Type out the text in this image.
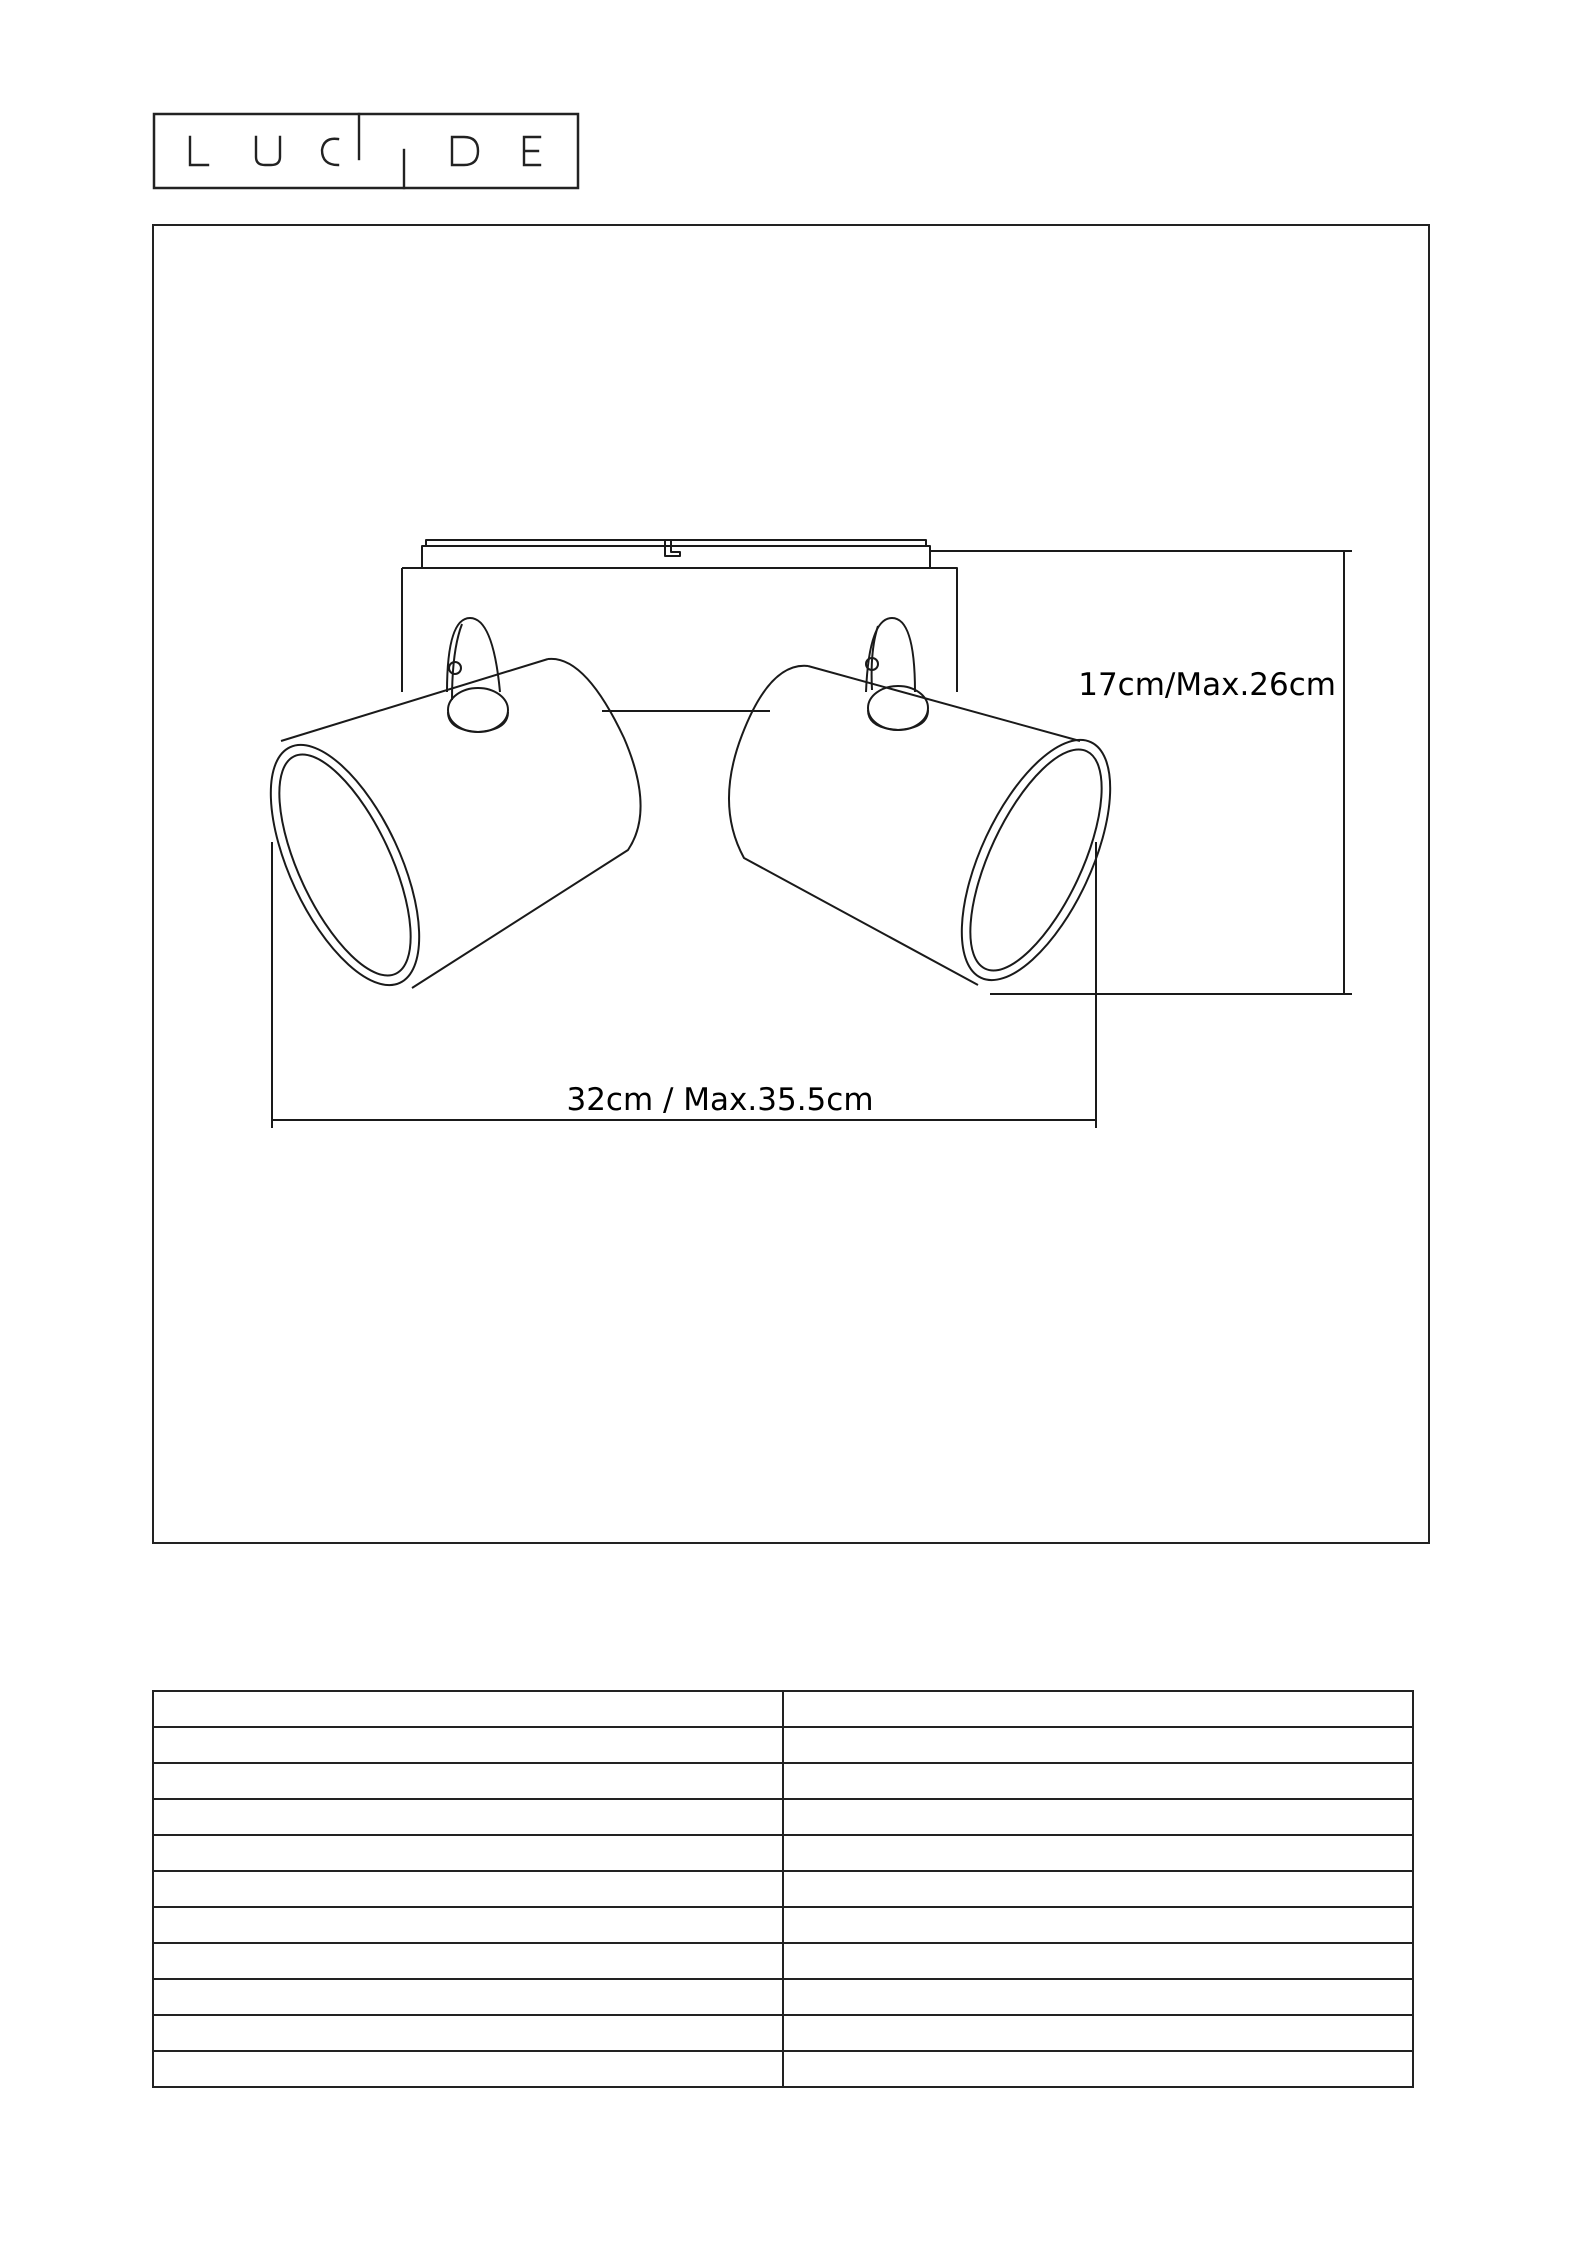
17cm/Max.26cm
32cm / Max.35.5cm
